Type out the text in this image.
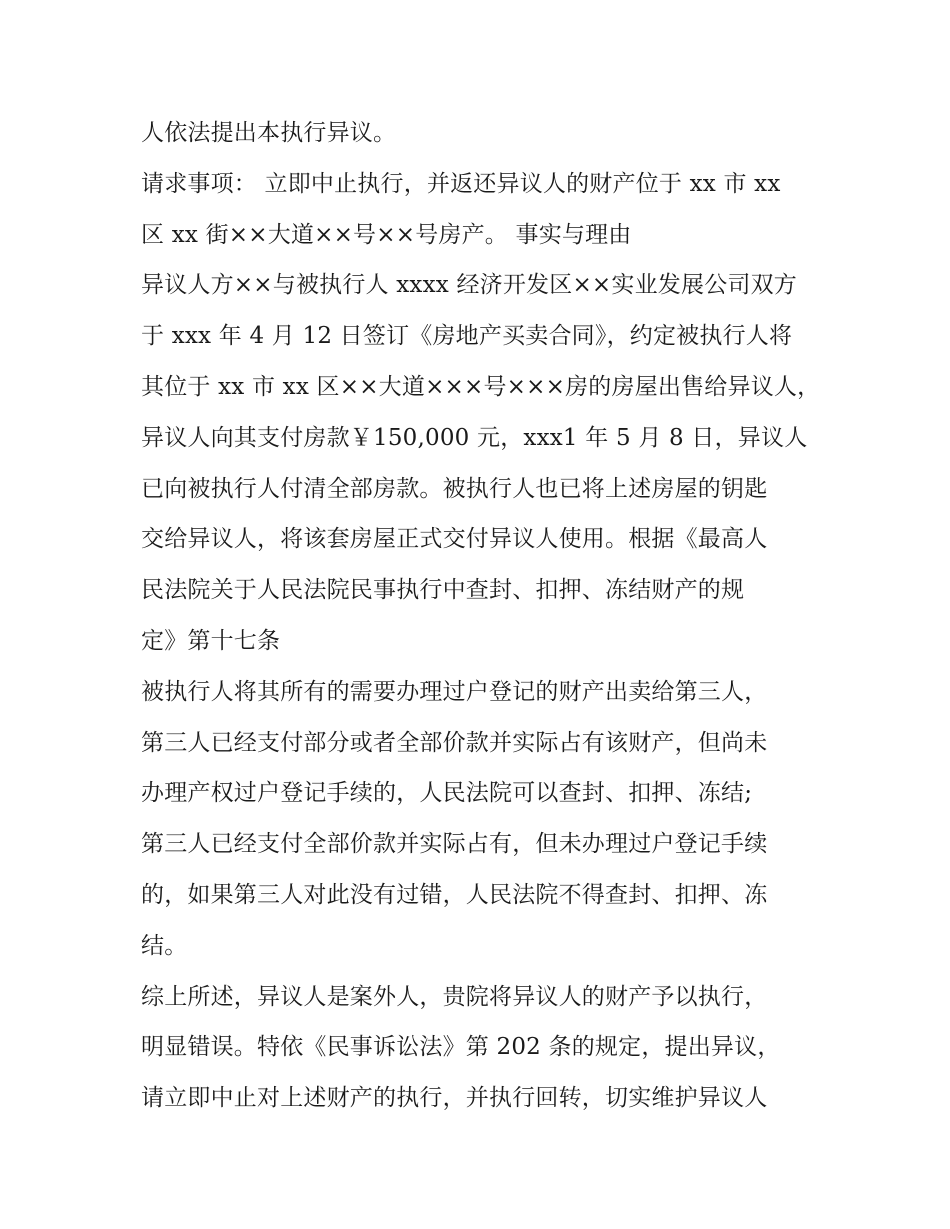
人依法提出本执行异议。
请求事项： 立即中止执行，并返还异议人的财产位于 xx 市 xx
区 xx 街××大道××号××号房产。 事实与理由
异议人方××与被执行人 xxxx 经济开发区××实业发展公司双方
于 xxx 年 4 月 12 日签订《房地产买卖合同》，约定被执行人将
其位于 xx 市 xx 区××大道×××号×××房的房屋出售给异议人，
异议人向其支付房款￥150,000 元，xxx1 年 5 月 8 日，异议人
已向被执行人付清全部房款。被执行人也已将上述房屋的钥匙
交给异议人，将该套房屋正式交付异议人使用。根据《最高人
民法院关于人民法院民事执行中查封、扣押、冻结财产的规
定》第十七条
被执行人将其所有的需要办理过户登记的财产出卖给第三人，
第三人已经支付部分或者全部价款并实际占有该财产，但尚未
办理产权过户登记手续的，人民法院可以查封、扣押、冻结;
第三人已经支付全部价款并实际占有，但未办理过户登记手续
的，如果第三人对此没有过错，人民法院不得查封、扣押、冻
结。
综上所述，异议人是案外人，贵院将异议人的财产予以执行，
明显错误。特依《民事诉讼法》第 202 条的规定，提出异议，
请立即中止对上述财产的执行，并执行回转，切实维护异议人
